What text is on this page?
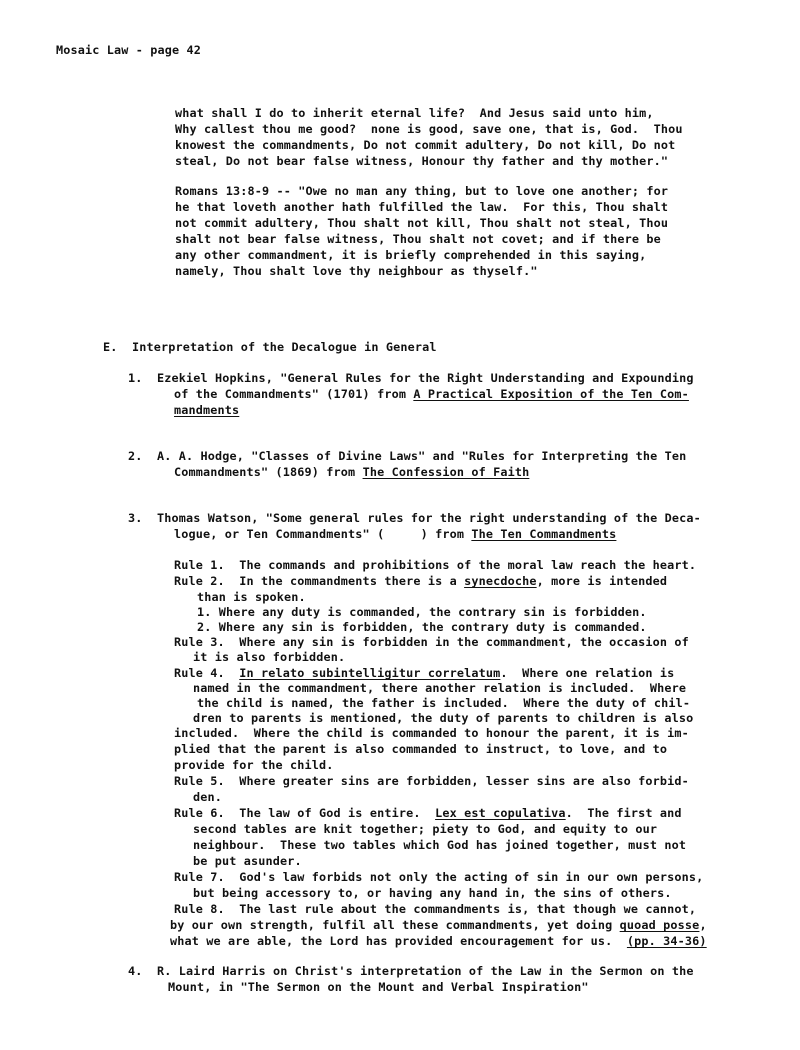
Mosaic Law - page 42
what shall I do to inherit eternal life?  And Jesus said unto him,
Why callest thou me good?  none is good, save one, that is, God.  Thou
knowest the commandments, Do not commit adultery, Do not kill, Do not
steal, Do not bear false witness, Honour thy father and thy mother."
Romans 13:8-9 -- "Owe no man any thing, but to love one another; for
he that loveth another hath fulfilled the law.  For this, Thou shalt
not commit adultery, Thou shalt not kill, Thou shalt not steal, Thou
shalt not bear false witness, Thou shalt not covet; and if there be
any other commandment, it is briefly comprehended in this saying,
namely, Thou shalt love thy neighbour as thyself."
E.  Interpretation of the Decalogue in General
1.  Ezekiel Hopkins, "General Rules for the Right Understanding and Expounding
of the Commandments" (1701) from A Practical Exposition of the Ten Com-
mandments
2.  A. A. Hodge, "Classes of Divine Laws" and "Rules for Interpreting the Ten
Commandments" (1869) from The Confession of Faith
3.  Thomas Watson, "Some general rules for the right understanding of the Deca-
logue, or Ten Commandments" (     ) from The Ten Commandments
Rule 1.  The commands and prohibitions of the moral law reach the heart.
Rule 2.  In the commandments there is a synecdoche, more is intended
than is spoken.
1. Where any duty is commanded, the contrary sin is forbidden.
2. Where any sin is forbidden, the contrary duty is commanded.
Rule 3.  Where any sin is forbidden in the commandment, the occasion of
it is also forbidden.
Rule 4.  In relato subintelligitur correlatum.  Where one relation is
named in the commandment, there another relation is included.  Where
the child is named, the father is included.  Where the duty of chil-
dren to parents is mentioned, the duty of parents to children is also
included.  Where the child is commanded to honour the parent, it is im-
plied that the parent is also commanded to instruct, to love, and to
provide for the child.
Rule 5.  Where greater sins are forbidden, lesser sins are also forbid-
den.
Rule 6.  The law of God is entire.  Lex est copulativa.  The first and
second tables are knit together; piety to God, and equity to our
neighbour.  These two tables which God has joined together, must not
be put asunder.
Rule 7.  God's law forbids not only the acting of sin in our own persons,
but being accessory to, or having any hand in, the sins of others.
Rule 8.  The last rule about the commandments is, that though we cannot,
by our own strength, fulfil all these commandments, yet doing quoad posse,
what we are able, the Lord has provided encouragement for us.  (pp. 34-36)
4.  R. Laird Harris on Christ's interpretation of the Law in the Sermon on the
Mount, in "The Sermon on the Mount and Verbal Inspiration"
